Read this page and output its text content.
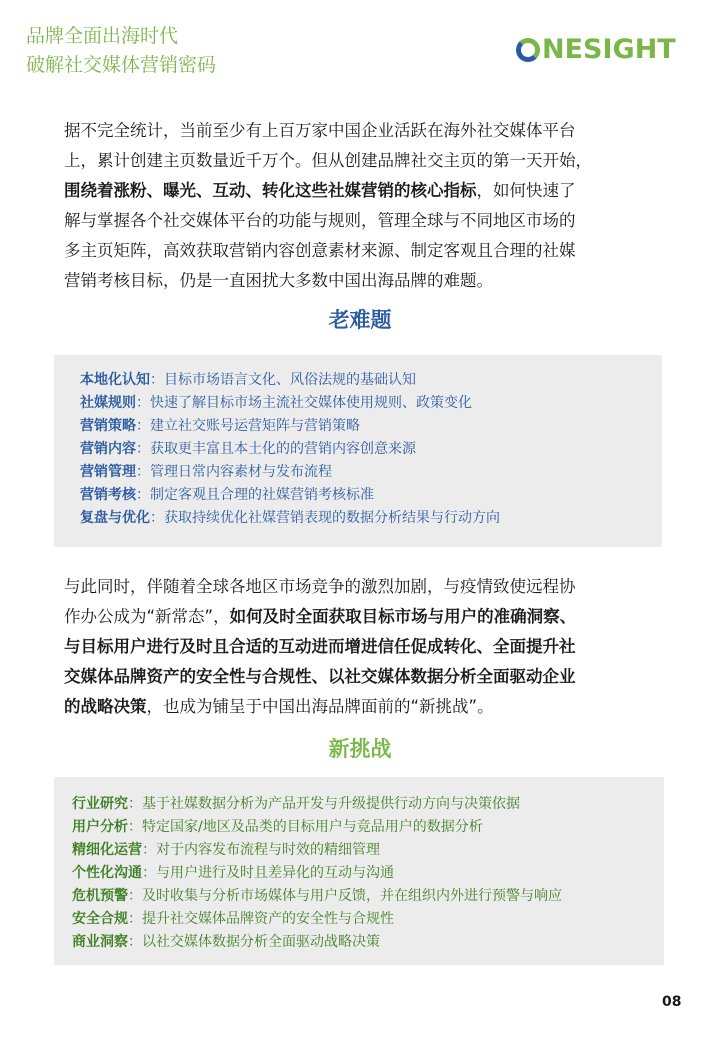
品牌全面出海时代
破解社交媒体营销密码	NESIGHT
据不完全统计，当前至少有上百万家中国企业活跃在海外社交媒体平台
上，累计创建主页数量近千万个。但从创建品牌社交主页的第一天开始，
围绕着涨粉、曝光、互动、转化这些社媒营销的核心指标，如何快速了
解与掌握各个社交媒体平台的功能与规则，管理全球与不同地区市场的
多主页矩阵，高效获取营销内容创意素材来源、制定客观且合理的社媒
营销考核目标，仍是一直困扰大多数中国出海品牌的难题。
老难题
本地化认知：目标市场语言文化、风俗法规的基础认知
社媒规则：快速了解目标市场主流社交媒体使用规则、政策变化
营销策略：建立社交账号运营矩阵与营销策略
营销内容：获取更丰富且本土化的的营销内容创意来源
营销管理：管理日常内容素材与发布流程
营销考核：制定客观且合理的社媒营销考核标准
复盘与优化：获取持续优化社媒营销表现的数据分析结果与行动方向
与此同时，伴随着全球各地区市场竞争的激烈加剧，与疫情致使远程协
作办公成为“新常态”，如何及时全面获取目标市场与用户的准确洞察、
与目标用户进行及时且合适的互动进而增进信任促成转化、全面提升社
交媒体品牌资产的安全性与合规性、以社交媒体数据分析全面驱动企业
的战略决策，也成为铺呈于中国出海品牌面前的“新挑战”。
新挑战
行业研究：基于社媒数据分析为产品开发与升级提供行动方向与决策依据
用户分析：特定国家/地区及品类的目标用户与竞品用户的数据分析
精细化运营：对于内容发布流程与时效的精细管理
个性化沟通：与用户进行及时且差异化的互动与沟通
危机预警：及时收集与分析市场媒体与用户反馈，并在组织内外进行预警与响应
安全合规：提升社交媒体品牌资产的安全性与合规性
商业洞察：以社交媒体数据分析全面驱动战略决策
08
